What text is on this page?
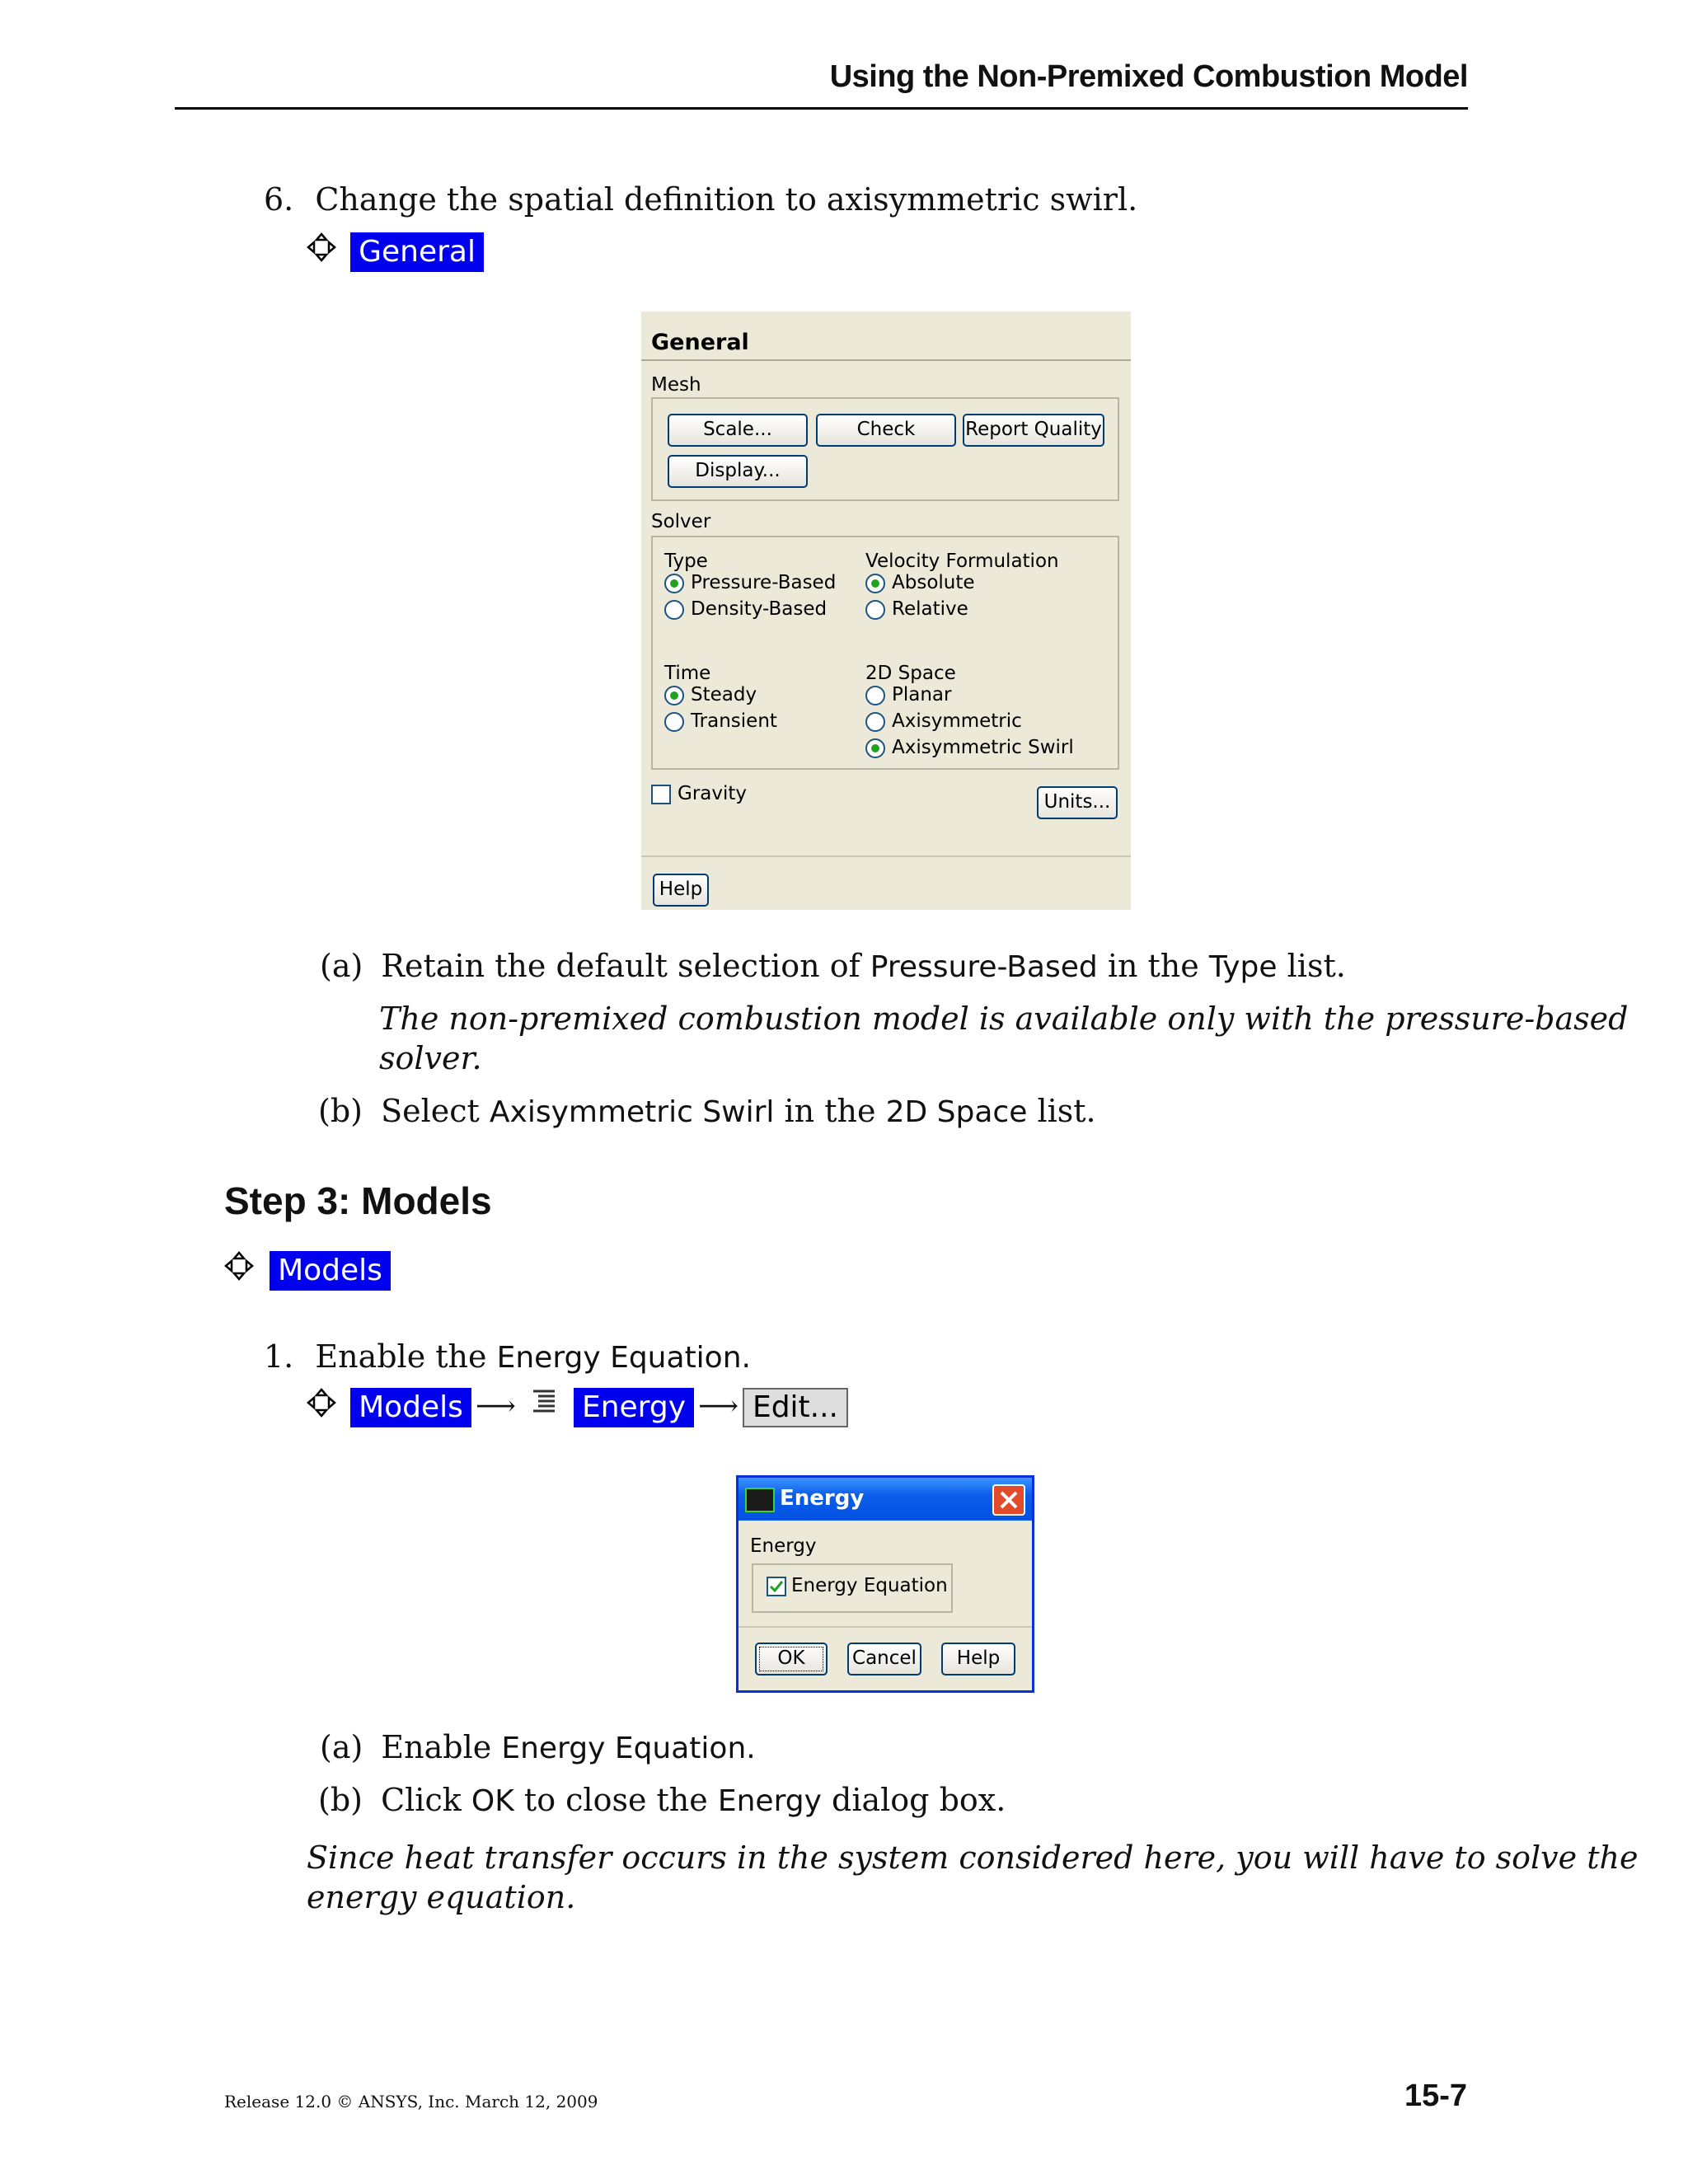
Using the Non-Premixed Combustion Model
6. Change the spatial definition to axisymmetric swirl.
General
General
Mesh
Scale...	Check	Report Quality
Display...
Solver
Type
Pressure-Based
Density-Based
Velocity Formulation
Absolute
Relative
Time
Steady
Transient
2D Space
Planar
Axisymmetric
Axisymmetric Swirl
Gravity	Units...
Help
(a) Retain the default selection of Pressure-Based in the Type list.
The non-premixed combustion model is available only with the pressure-based
solver.
(b) Select Axisymmetric Swirl in the 2D Space list.
Step 3: Models
Models
1. Enable the Energy Equation.
Models ⟶ Energy ⟶ Edit...
Energy
Energy
Energy Equation
OK	Cancel	Help
(a) Enable Energy Equation.
(b) Click OK to close the Energy dialog box.
Since heat transfer occurs in the system considered here, you will have to solve the
energy equation.
Release 12.0 © ANSYS, Inc. March 12, 2009	15-7
